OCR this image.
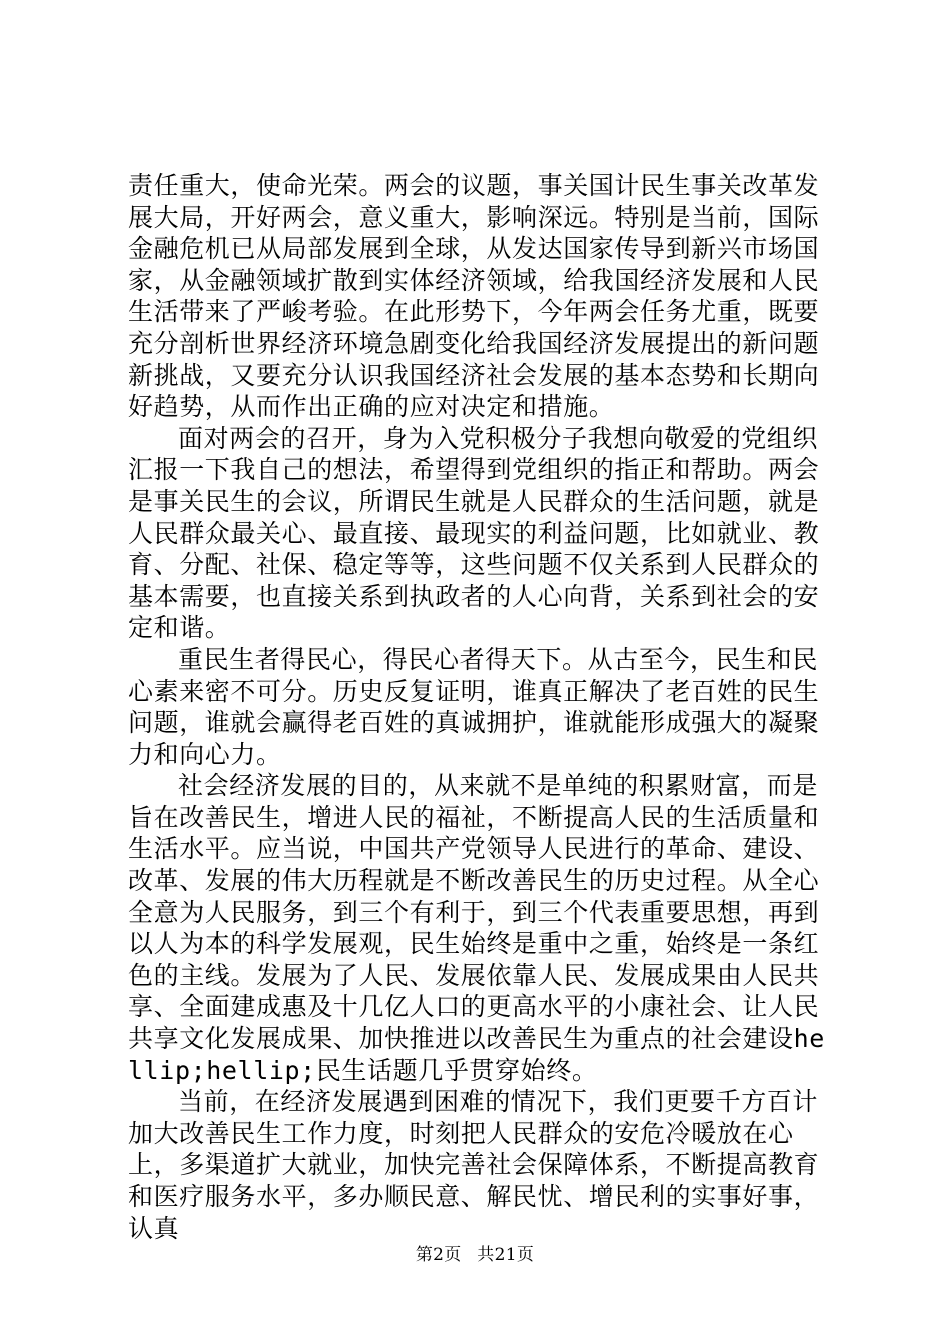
责任重大，使命光荣。两会的议题，事关国计民生事关改革发展大局，开好两会，意义重大，影响深远。特别是当前，国际金融危机已从局部发展到全球，从发达国家传导到新兴市场国家，从金融领域扩散到实体经济领域，给我国经济发展和人民生活带来了严峻考验。在此形势下，今年两会任务尤重，既要充分剖析世界经济环境急剧变化给我国经济发展提出的新问题新挑战，又要充分认识我国经济社会发展的基本态势和长期向好趋势，从而作出正确的应对决定和措施。

面对两会的召开，身为入党积极分子我想向敬爱的党组织汇报一下我自己的想法，希望得到党组织的指正和帮助。两会是事关民生的会议，所谓民生就是人民群众的生活问题，就是人民群众最关心、最直接、最现实的利益问题，比如就业、教育、分配、社保、稳定等等，这些问题不仅关系到人民群众的基本需要，也直接关系到执政者的人心向背，关系到社会的安定和谐。

重民生者得民心，得民心者得天下。从古至今，民生和民心素来密不可分。历史反复证明，谁真正解决了老百姓的民生问题，谁就会赢得老百姓的真诚拥护，谁就能形成强大的凝聚力和向心力。

社会经济发展的目的，从来就不是单纯的积累财富，而是旨在改善民生，增进人民的福祉，不断提高人民的生活质量和生活水平。应当说，中国共产党领导人民进行的革命、建设、改革、发展的伟大历程就是不断改善民生的历史过程。从全心全意为人民服务，到三个有利于，到三个代表重要思想，再到以人为本的科学发展观，民生始终是重中之重，始终是一条红色的主线。发展为了人民、发展依靠人民、发展成果由人民共享、全面建成惠及十几亿人口的更高水平的小康社会、让人民共享文化发展成果、加快推进以改善民生为重点的社会建设hellip;hellip;民生话题几乎贯穿始终。

当前，在经济发展遇到困难的情况下，我们更要千方百计加大改善民生工作力度，时刻把人民群众的安危冷暖放在心上，多渠道扩大就业，加快完善社会保障体系，不断提高教育和医疗服务水平，多办顺民意、解民忧、增民利的实事好事，认真

第2页 共21页
